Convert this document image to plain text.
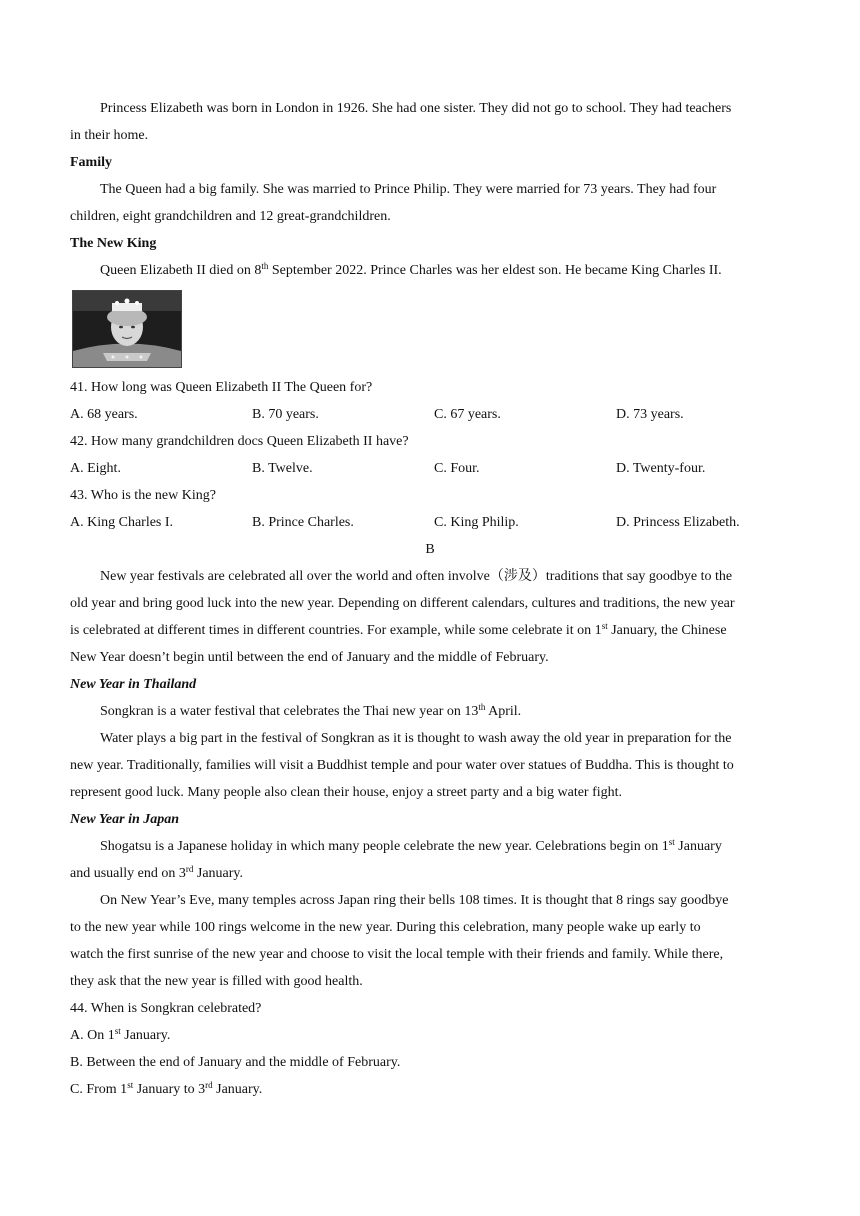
Princess Elizabeth was born in London in 1926. She had one sister. They did not go to school. They had teachers
in their home.
Family
The Queen had a big family. She was married to Prince Philip. They were married for 73 years. They had four
children, eight grandchildren and 12 great-grandchildren.
The New King
Queen Elizabeth II died on 8th September 2022. Prince Charles was her eldest son. He became King Charles II.
41. How long was Queen Elizabeth II The Queen for?
A. 68 years.	B. 70 years.	C. 67 years.	D. 73 years.
42. How many grandchildren docs Queen Elizabeth II have?
A. Eight.	B. Twelve.	C. Four.	D. Twenty-four.
43. Who is the new King?
A. King Charles I.	B. Prince Charles.	C. King Philip.	D. Princess Elizabeth.
B
New year festivals are celebrated all over the world and often involve（涉及）traditions that say goodbye to the
old year and bring good luck into the new year. Depending on different calendars, cultures and traditions, the new year
is celebrated at different times in different countries. For example, while some celebrate it on 1st January, the Chinese
New Year doesn’t begin until between the end of January and the middle of February.
New Year in Thailand
Songkran is a water festival that celebrates the Thai new year on 13th April.
Water plays a big part in the festival of Songkran as it is thought to wash away the old year in preparation for the
new year. Traditionally, families will visit a Buddhist temple and pour water over statues of Buddha. This is thought to
represent good luck. Many people also clean their house, enjoy a street party and a big water fight.
New Year in Japan
Shogatsu is a Japanese holiday in which many people celebrate the new year. Celebrations begin on 1st January
and usually end on 3rd January.
On New Year’s Eve, many temples across Japan ring their bells 108 times. It is thought that 8 rings say goodbye
to the new year while 100 rings welcome in the new year. During this celebration, many people wake up early to
watch the first sunrise of the new year and choose to visit the local temple with their friends and family. While there,
they ask that the new year is filled with good health.
44. When is Songkran celebrated?
A. On 1st January.
B. Between the end of January and the middle of February.
C. From 1st January to 3rd January.
